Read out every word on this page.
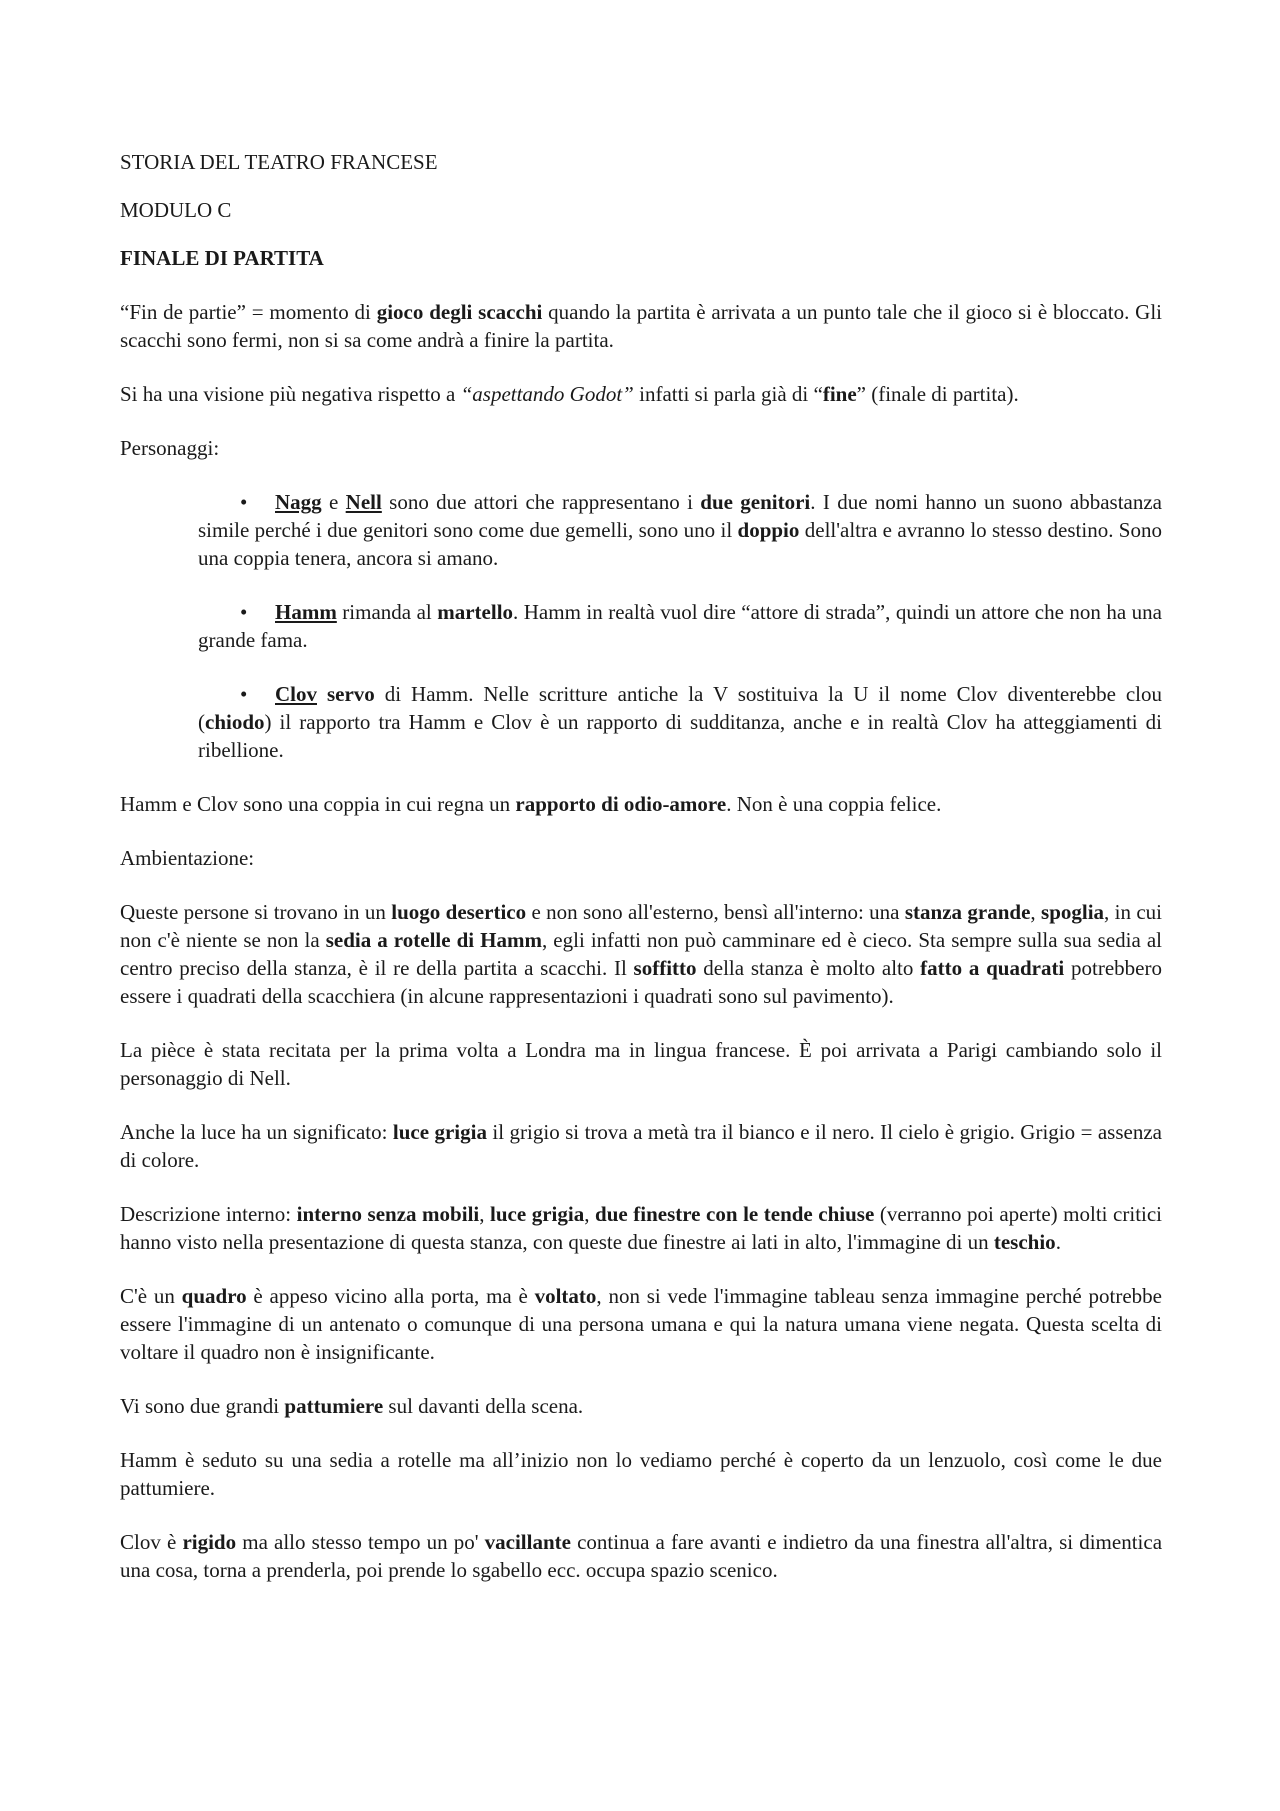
STORIA DEL TEATRO FRANCESE

MODULO C

FINALE DI PARTITA

“Fin de partie” = momento di gioco degli scacchi quando la partita è arrivata a un punto tale che il gioco si è bloccato. Gli scacchi sono fermi, non si sa come andrà a finire la partita.

Si ha una visione più negativa rispetto a “aspettando Godot” infatti si parla già di “fine” (finale di partita).

Personaggi:

• Nagg e Nell sono due attori che rappresentano i due genitori. I due nomi hanno un suono abbastanza simile perché i due genitori sono come due gemelli, sono uno il doppio dell'altra e avranno lo stesso destino. Sono una coppia tenera, ancora si amano.
• Hamm rimanda al martello. Hamm in realtà vuol dire “attore di strada”, quindi un attore che non ha una grande fama.
• Clov servo di Hamm. Nelle scritture antiche la V sostituiva la U il nome Clov diventerebbe clou (chiodo) il rapporto tra Hamm e Clov è un rapporto di sudditanza, anche e in realtà Clov ha atteggiamenti di ribellione.

Hamm e Clov sono una coppia in cui regna un rapporto di odio-amore. Non è una coppia felice.

Ambientazione:

Queste persone si trovano in un luogo desertico e non sono all'esterno, bensì all'interno: una stanza grande, spoglia, in cui non c'è niente se non la sedia a rotelle di Hamm, egli infatti non può camminare ed è cieco. Sta sempre sulla sua sedia al centro preciso della stanza, è il re della partita a scacchi. Il soffitto della stanza è molto alto fatto a quadrati potrebbero essere i quadrati della scacchiera (in alcune rappresentazioni i quadrati sono sul pavimento).

La pièce è stata recitata per la prima volta a Londra ma in lingua francese. È poi arrivata a Parigi cambiando solo il personaggio di Nell.

Anche la luce ha un significato: luce grigia il grigio si trova a metà tra il bianco e il nero. Il cielo è grigio. Grigio = assenza di colore.

Descrizione interno: interno senza mobili, luce grigia, due finestre con le tende chiuse (verranno poi aperte) molti critici hanno visto nella presentazione di questa stanza, con queste due finestre ai lati in alto, l'immagine di un teschio.

C'è un quadro è appeso vicino alla porta, ma è voltato, non si vede l'immagine tableau senza immagine perché potrebbe essere l'immagine di un antenato o comunque di una persona umana e qui la natura umana viene negata. Questa scelta di voltare il quadro non è insignificante.

Vi sono due grandi pattumiere sul davanti della scena.

Hamm è seduto su una sedia a rotelle ma all’inizio non lo vediamo perché è coperto da un lenzuolo, così come le due pattumiere.

Clov è rigido ma allo stesso tempo un po' vacillante continua a fare avanti e indietro da una finestra all'altra, si dimentica una cosa, torna a prenderla, poi prende lo sgabello ecc. occupa spazio scenico.
